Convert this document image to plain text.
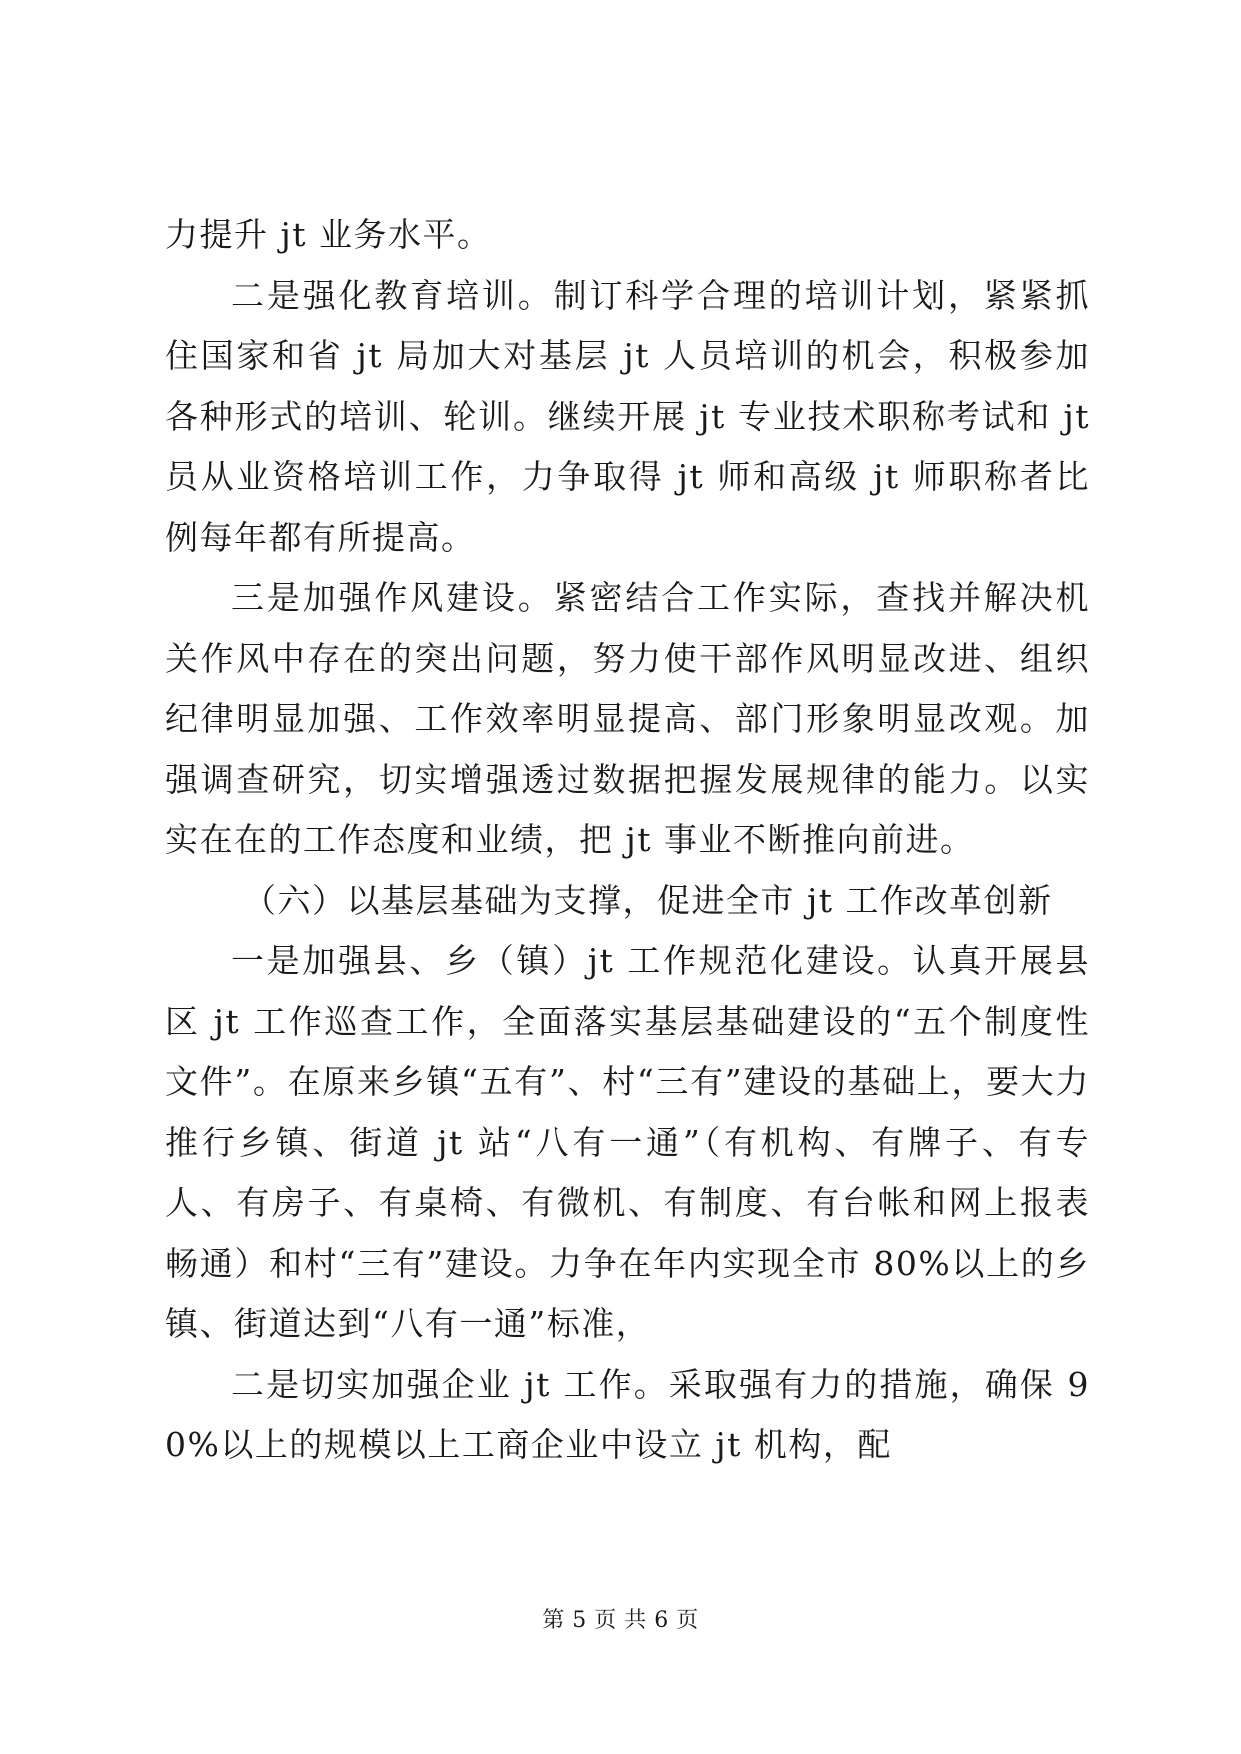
力提升 jt 业务水平。

二是强化教育培训。制订科学合理的培训计划，紧紧抓住国家和省 jt 局加大对基层 jt 人员培训的机会，积极参加各种形式的培训、轮训。继续开展 jt 专业技术职称考试和 jt 员从业资格培训工作，力争取得 jt 师和高级 jt 师职称者比例每年都有所提高。

三是加强作风建设。紧密结合工作实际，查找并解决机关作风中存在的突出问题，努力使干部作风明显改进、组织纪律明显加强、工作效率明显提高、部门形象明显改观。加强调查研究，切实增强透过数据把握发展规律的能力。以实实在在的工作态度和业绩，把 jt 事业不断推向前进。

（六）以基层基础为支撑，促进全市 jt 工作改革创新

一是加强县、乡（镇）jt 工作规范化建设。认真开展县区 jt 工作巡查工作，全面落实基层基础建设的“五个制度性文件”。在原来乡镇“五有”、村“三有”建设的基础上，要大力推行乡镇、街道 jt 站“八有一通”（有机构、有牌子、有专人、有房子、有桌椅、有微机、有制度、有台帐和网上报表畅通）和村“三有”建设。力争在年内实现全市 80%以上的乡镇、街道达到“八有一通”标准，

二是切实加强企业 jt 工作。采取强有力的措施，确保 90%以上的规模以上工商企业中设立 jt 机构，配

第 5 页 共 6 页
